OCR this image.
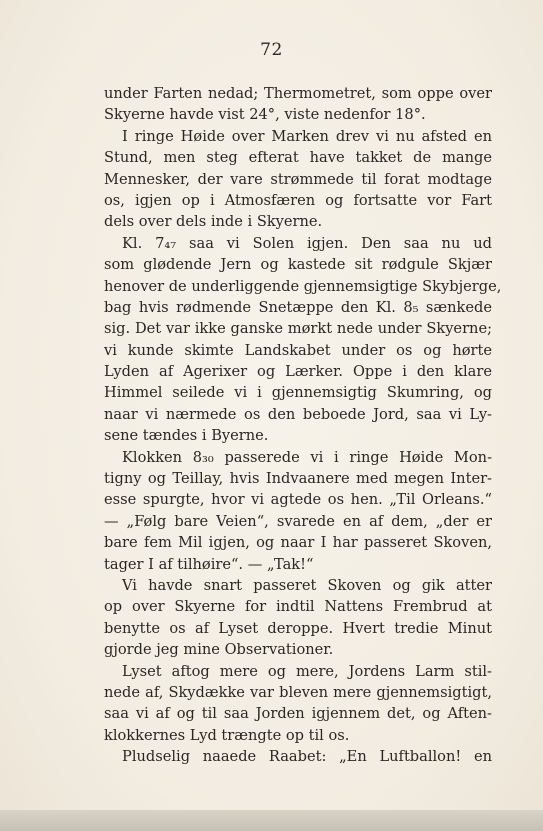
72
under Farten nedad; Thermometret, som oppe over
Skyerne havde vist 24°, viste nedenfor 18°.
I ringe Høide over Marken drev vi nu afsted en
Stund, men steg efterat have takket de mange
Mennesker, der vare strømmede til forat modtage
os, igjen op i Atmosfæren og fortsatte vor Fart
dels over dels inde i Skyerne.
Kl. 7₄₇ saa vi Solen igjen. Den saa nu ud
som glødende Jern og kastede sit rødgule Skjær
henover de underliggende gjennemsigtige Skybjerge,
bag hvis rødmende Snetæppe den Kl. 8₅ sænkede
sig. Det var ikke ganske mørkt nede under Skyerne;
vi kunde skimte Landskabet under os og hørte
Lyden af Agerixer og Lærker. Oppe i den klare
Himmel seilede vi i gjennemsigtig Skumring, og
naar vi nærmede os den beboede Jord, saa vi Ly-
sene tændes i Byerne.
Klokken 8₃₀ passerede vi i ringe Høide Mon-
tigny og Teillay, hvis Indvaanere med megen Inter-
esse spurgte, hvor vi agtede os hen. „Til Orleans.“
— „Følg bare Veien“, svarede en af dem, „der er
bare fem Mil igjen, og naar I har passeret Skoven,
tager I af tilhøire“. — „Tak!“
Vi havde snart passeret Skoven og gik atter
op over Skyerne for indtil Nattens Frembrud at
benytte os af Lyset deroppe. Hvert tredie Minut
gjorde jeg mine Observationer.
Lyset aftog mere og mere, Jordens Larm stil-
nede af, Skydække var bleven mere gjennemsigtigt,
saa vi af og til saa Jorden igjennem det, og Aften-
klokkernes Lyd trængte op til os.
Pludselig naaede Raabet: „En Luftballon! en
